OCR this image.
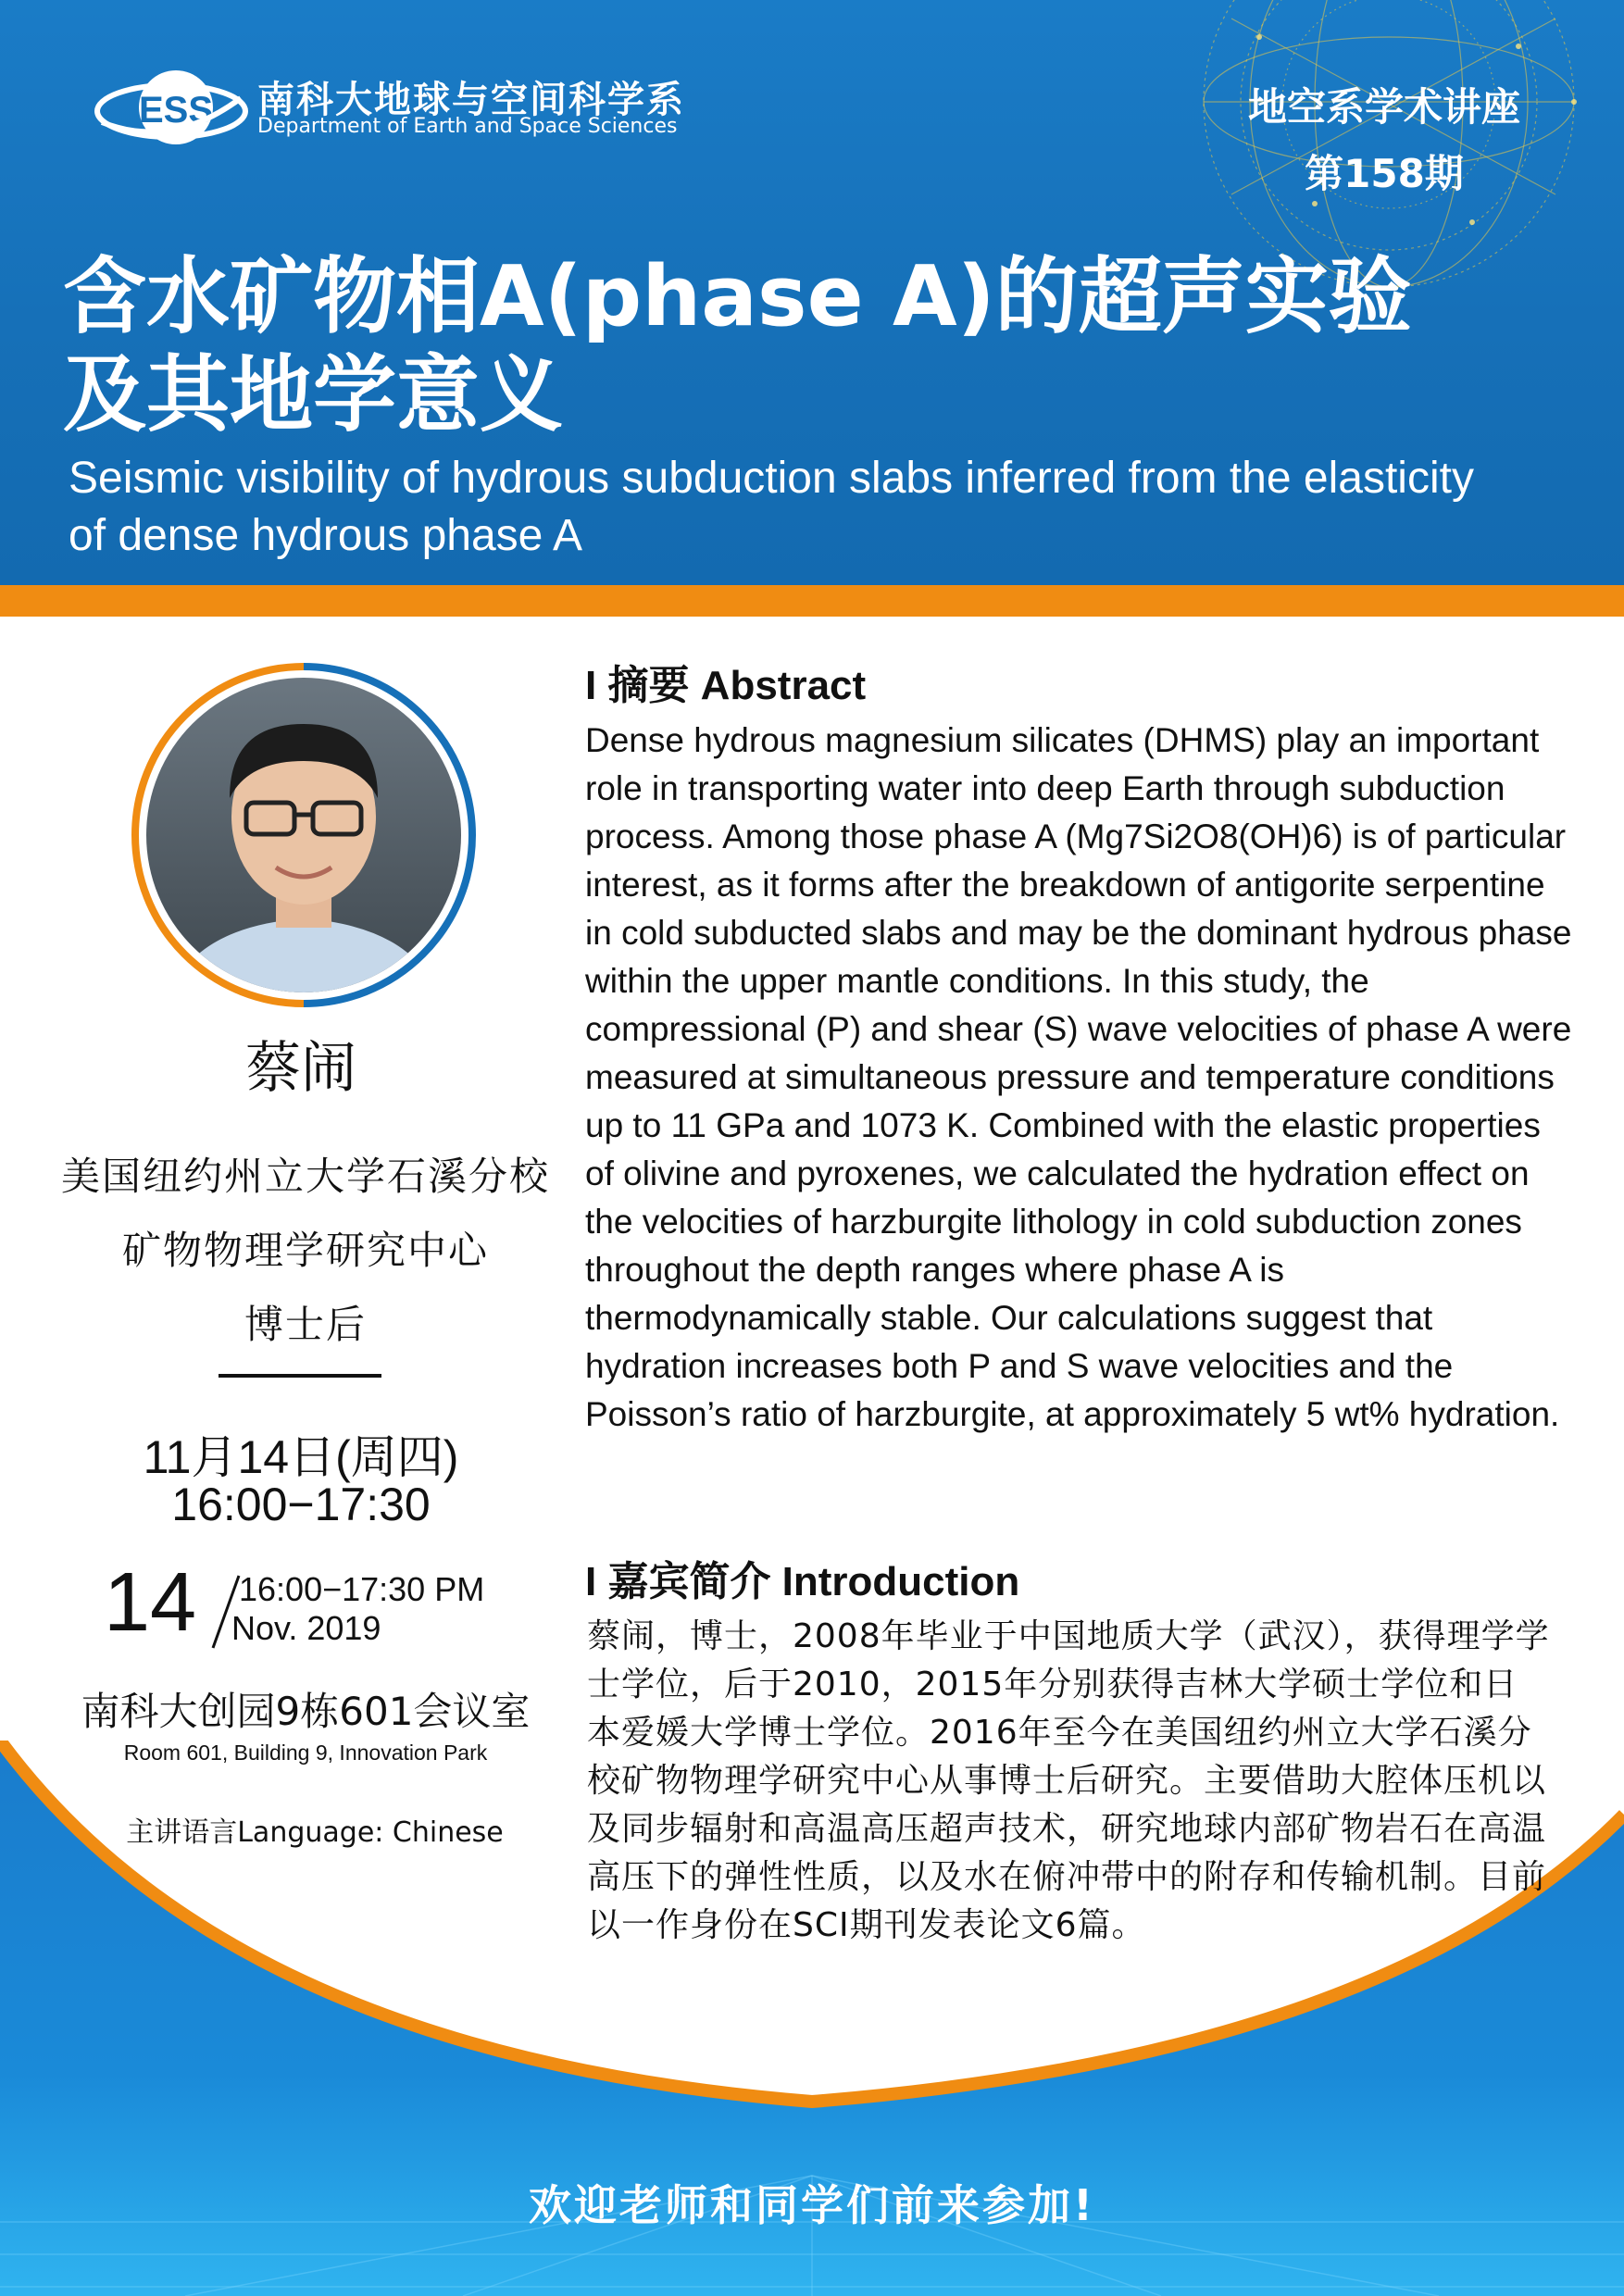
ESS 南科大地球与空间科学系
Department of Earth and Space Sciences	地空系学术讲座
第158期
含水矿物相A(phase A)的超声实验
及其地学意义
Seismic visibility of hydrous subduction slabs inferred from the elasticity
of dense hydrous phase A
欢迎老师和同学们前来参加!
蔡闹
美国纽约州立大学石溪分校
矿物物理学研究中心
博士后
11月14日(周四)
16:00−17:30
14 16:00−17:30 PM
Nov. 2019
南科大创园9栋601会议室
Room 601, Building 9, Innovation Park
主讲语言Language: Chinese
I 摘要 Abstract
Dense hydrous magnesium silicates (DHMS) play an important role in transporting water into deep Earth through subduction process. Among those phase A (Mg7Si2O8(OH)6) is of particular interest, as it forms after the breakdown of antigorite serpentine in cold subducted slabs and may be the dominant hydrous phase within the upper mantle conditions. In this study, the compressional (P) and shear (S) wave velocities of phase A were measured at simultaneous pressure and temperature conditions up to 11 GPa and 1073 K. Combined with the elastic properties of olivine and pyroxenes, we calculated the hydration effect on the velocities of harzburgite lithology in cold subduction zones throughout the depth ranges where phase A is thermodynamically stable. Our calculations suggest that hydration increases both P and S wave velocities and the Poisson’s ratio of harzburgite, at approximately 5 wt% hydration.
I 嘉宾简介 Introduction
蔡闹，博士，2008年毕业于中国地质大学（武汉），获得理学学士学位，后于2010，2015年分别获得吉林大学硕士学位和日本爱媛大学博士学位。2016年至今在美国纽约州立大学石溪分校矿物物理学研究中心从事博士后研究。主要借助大腔体压机以及同步辐射和高温高压超声技术，研究地球内部矿物岩石在高温高压下的弹性性质，以及水在俯冲带中的附存和传输机制。目前以一作身份在SCI期刊发表论文6篇。
